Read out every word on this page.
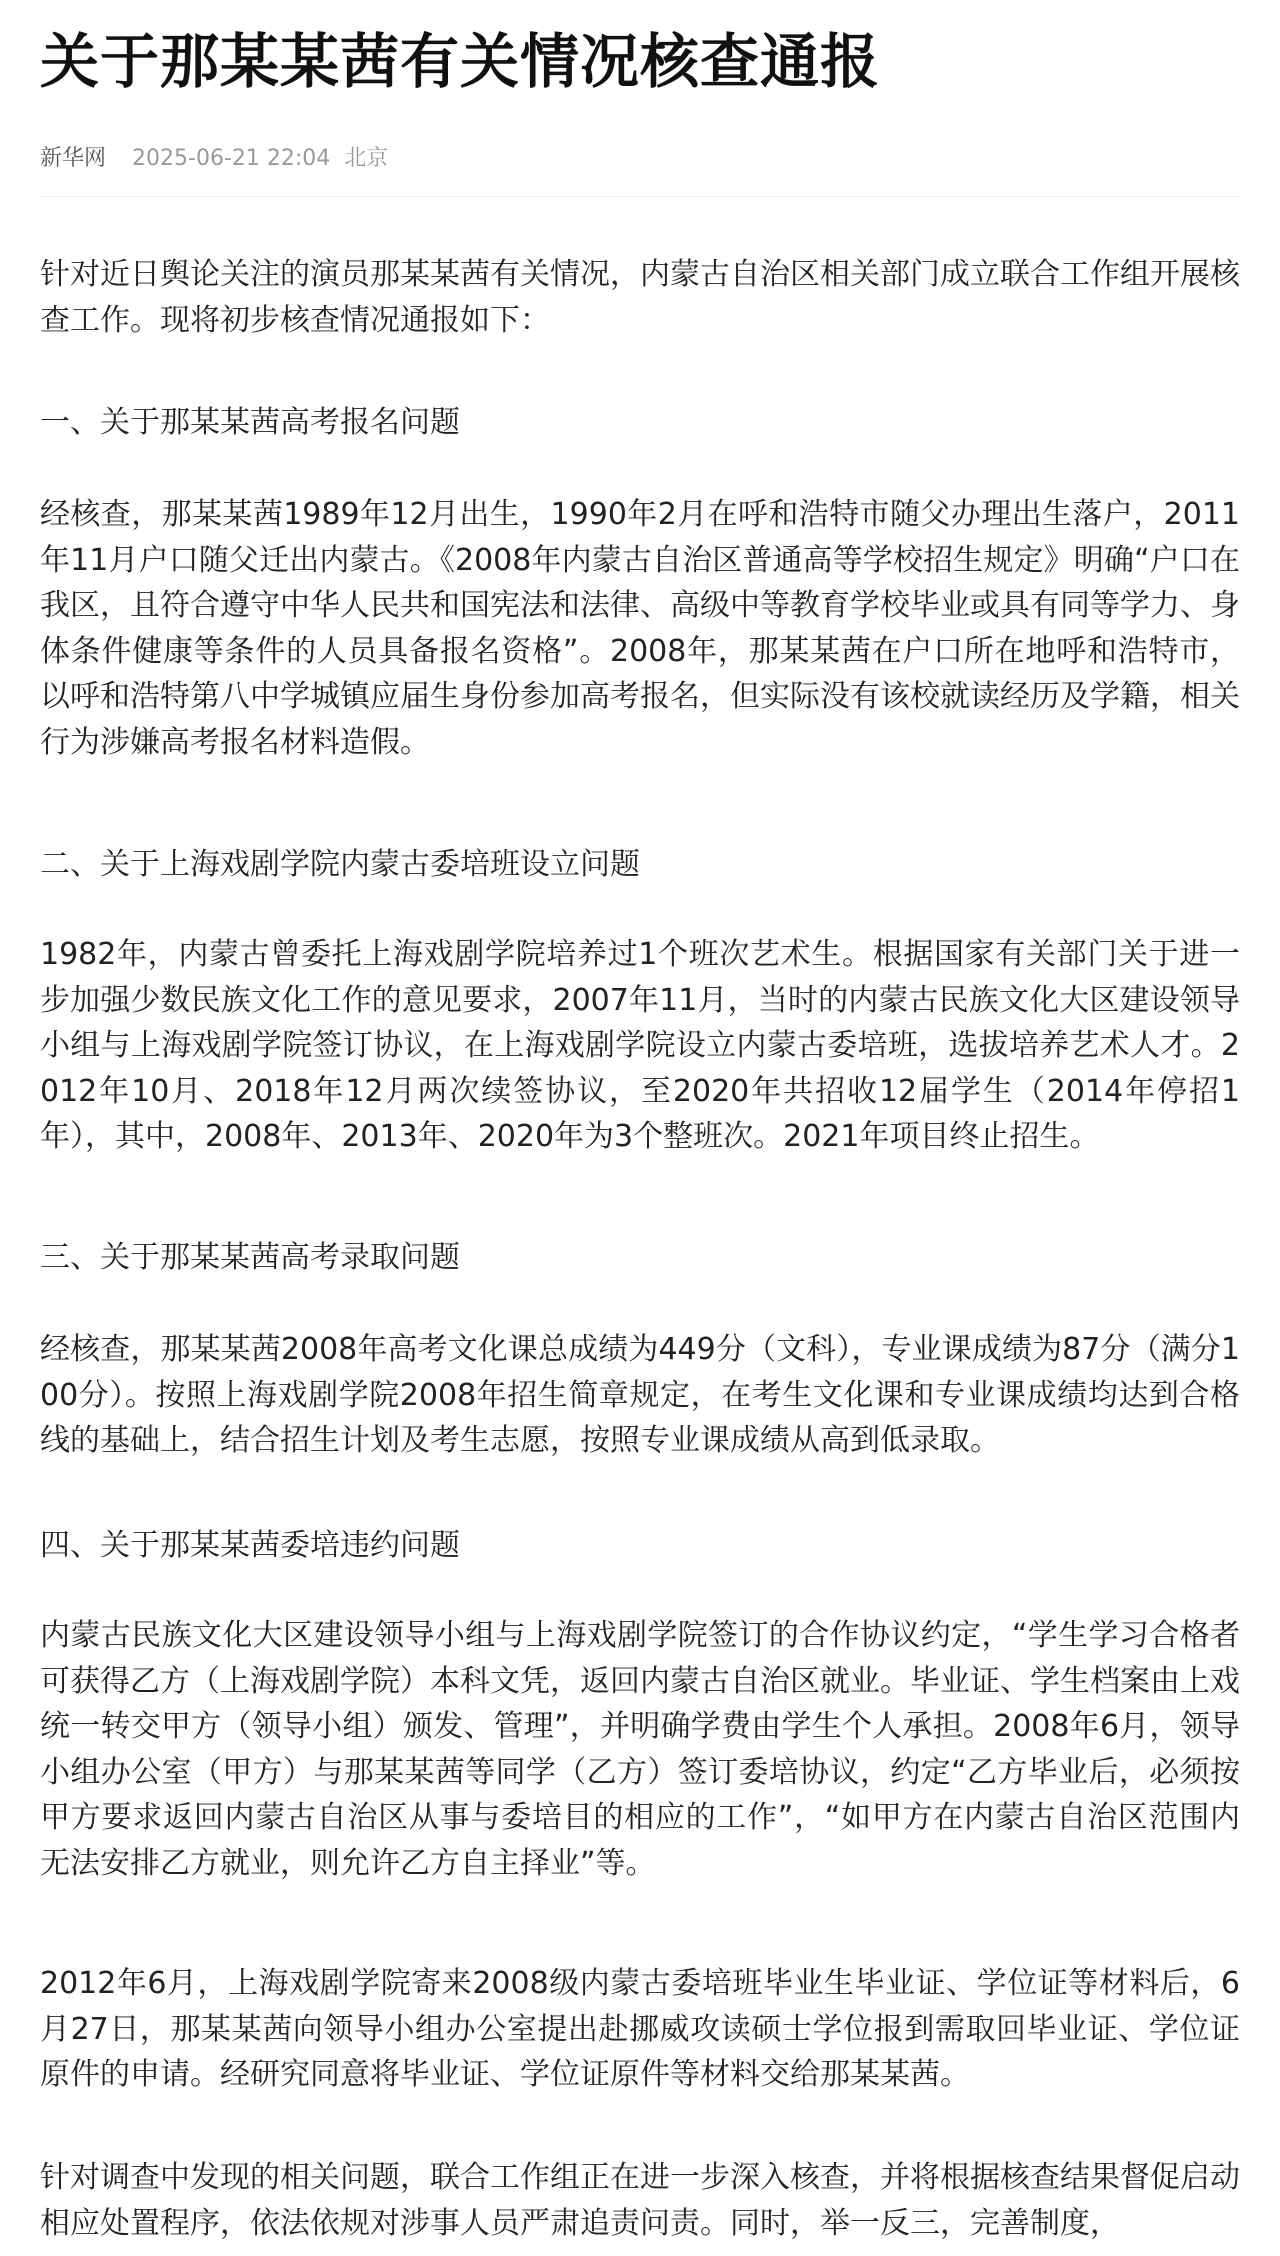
关于那某某茜有关情况核查通报
新华网 2025-06-21 22:04 北京

针对近日舆论关注的演员那某某茜有关情况，内蒙古自治区相关部门成立联合工作组开展核查工作。现将初步核查情况通报如下：

一、关于那某某茜高考报名问题

经核查，那某某茜1989年12月出生，1990年2月在呼和浩特市随父办理出生落户，2011年11月户口随父迁出内蒙古。《2008年内蒙古自治区普通高等学校招生规定》明确“户口在我区，且符合遵守中华人民共和国宪法和法律、高级中等教育学校毕业或具有同等学力、身体条件健康等条件的人员具备报名资格”。2008年，那某某茜在户口所在地呼和浩特市，以呼和浩特第八中学城镇应届生身份参加高考报名，但实际没有该校就读经历及学籍，相关行为涉嫌高考报名材料造假。

二、关于上海戏剧学院内蒙古委培班设立问题

1982年，内蒙古曾委托上海戏剧学院培养过1个班次艺术生。根据国家有关部门关于进一步加强少数民族文化工作的意见要求，2007年11月，当时的内蒙古民族文化大区建设领导小组与上海戏剧学院签订协议，在上海戏剧学院设立内蒙古委培班，选拔培养艺术人才。2012年10月、2018年12月两次续签协议，至2020年共招收12届学生（2014年停招1年），其中，2008年、2013年、2020年为3个整班次。2021年项目终止招生。

三、关于那某某茜高考录取问题

经核查，那某某茜2008年高考文化课总成绩为449分（文科），专业课成绩为87分（满分100分）。按照上海戏剧学院2008年招生简章规定，在考生文化课和专业课成绩均达到合格线的基础上，结合招生计划及考生志愿，按照专业课成绩从高到低录取。

四、关于那某某茜委培违约问题

内蒙古民族文化大区建设领导小组与上海戏剧学院签订的合作协议约定，“学生学习合格者可获得乙方（上海戏剧学院）本科文凭，返回内蒙古自治区就业。毕业证、学生档案由上戏统一转交甲方（领导小组）颁发、管理”，并明确学费由学生个人承担。2008年6月，领导小组办公室（甲方）与那某某茜等同学（乙方）签订委培协议，约定“乙方毕业后，必须按甲方要求返回内蒙古自治区从事与委培目的相应的工作”，“如甲方在内蒙古自治区范围内无法安排乙方就业，则允许乙方自主择业”等。

2012年6月，上海戏剧学院寄来2008级内蒙古委培班毕业生毕业证、学位证等材料后，6月27日，那某某茜向领导小组办公室提出赴挪威攻读硕士学位报到需取回毕业证、学位证原件的申请。经研究同意将毕业证、学位证原件等材料交给那某某茜。

针对调查中发现的相关问题，联合工作组正在进一步深入核查，并将根据核查结果督促启动相应处置程序，依法依规对涉事人员严肃追责问责。同时，举一反三，完善制度，
